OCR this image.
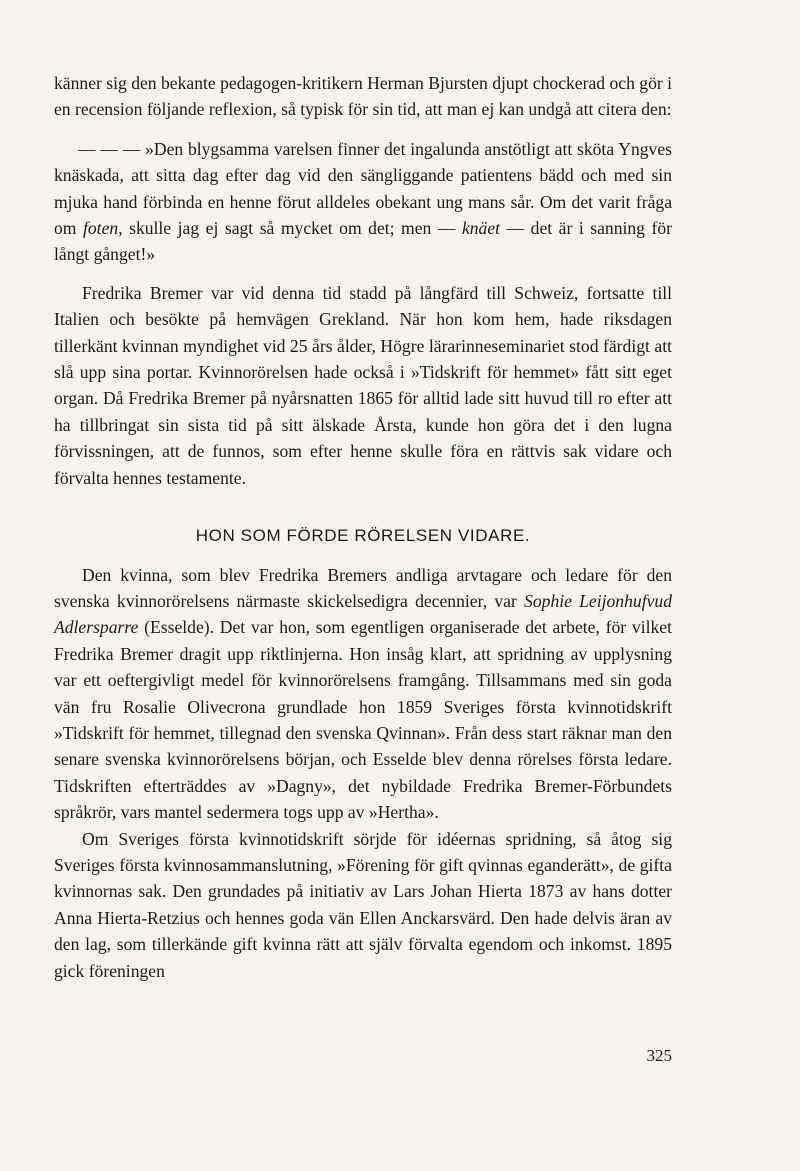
känner sig den bekante pedagogen-kritikern Herman Bjursten djupt chockerad och gör i en recension följande reflexion, så typisk för sin tid, att man ej kan undgå att citera den:

— — — »Den blygsamma varelsen finner det ingalunda anstötligt att sköta Yngves knäskada, att sitta dag efter dag vid den sängliggande patientens bädd och med sin mjuka hand förbinda en henne förut alldeles obekant ung mans sår. Om det varit fråga om foten, skulle jag ej sagt så mycket om det; men — knäet — det är i sanning för långt gånget!»

Fredrika Bremer var vid denna tid stadd på långfärd till Schweiz, fortsatte till Italien och besökte på hemvägen Grekland. När hon kom hem, hade riksdagen tillerkänt kvinnan myndighet vid 25 års ålder, Högre lärarinneseminariet stod färdigt att slå upp sina portar. Kvinnorörelsen hade också i »Tidskrift för hemmet» fått sitt eget organ. Då Fredrika Bremer på nyårsnatten 1865 för alltid lade sitt huvud till ro efter att ha tillbringat sin sista tid på sitt älskade Årsta, kunde hon göra det i den lugna förvissningen, att de funnos, som efter henne skulle föra en rättvis sak vidare och förvalta hennes testamente.

HON SOM FÖRDE RÖRELSEN VIDARE.

Den kvinna, som blev Fredrika Bremers andliga arvtagare och ledare för den svenska kvinnorörelsens närmaste skickelsedigra decennier, var Sophie Leijonhufvud Adlersparre (Esselde). Det var hon, som egentligen organiserade det arbete, för vilket Fredrika Bremer dragit upp riktlinjerna. Hon insåg klart, att spridning av upplysning var ett oeftergivligt medel för kvinnorörelsens framgång. Tillsammans med sin goda vän fru Rosalie Olivecrona grundlade hon 1859 Sveriges första kvinnotidskrift »Tidskrift för hemmet, tillegnad den svenska Qvinnan». Från dess start räknar man den senare svenska kvinnorörelsens början, och Esselde blev denna rörelses första ledare. Tidskriften efterträddes av »Dagny», det nybildade Fredrika Bremer-Förbundets språkrör, vars mantel sedermera togs upp av »Hertha».

Om Sveriges första kvinnotidskrift sörjde för idéernas spridning, så åtog sig Sveriges första kvinnosammanslutning, »Förening för gift qvinnas eganderätt», de gifta kvinnornas sak. Den grundades på initiativ av Lars Johan Hierta 1873 av hans dotter Anna Hierta-Retzius och hennes goda vän Ellen Anckarsvärd. Den hade delvis äran av den lag, som tillerkände gift kvinna rätt att själv förvalta egendom och inkomst. 1895 gick föreningen

325
